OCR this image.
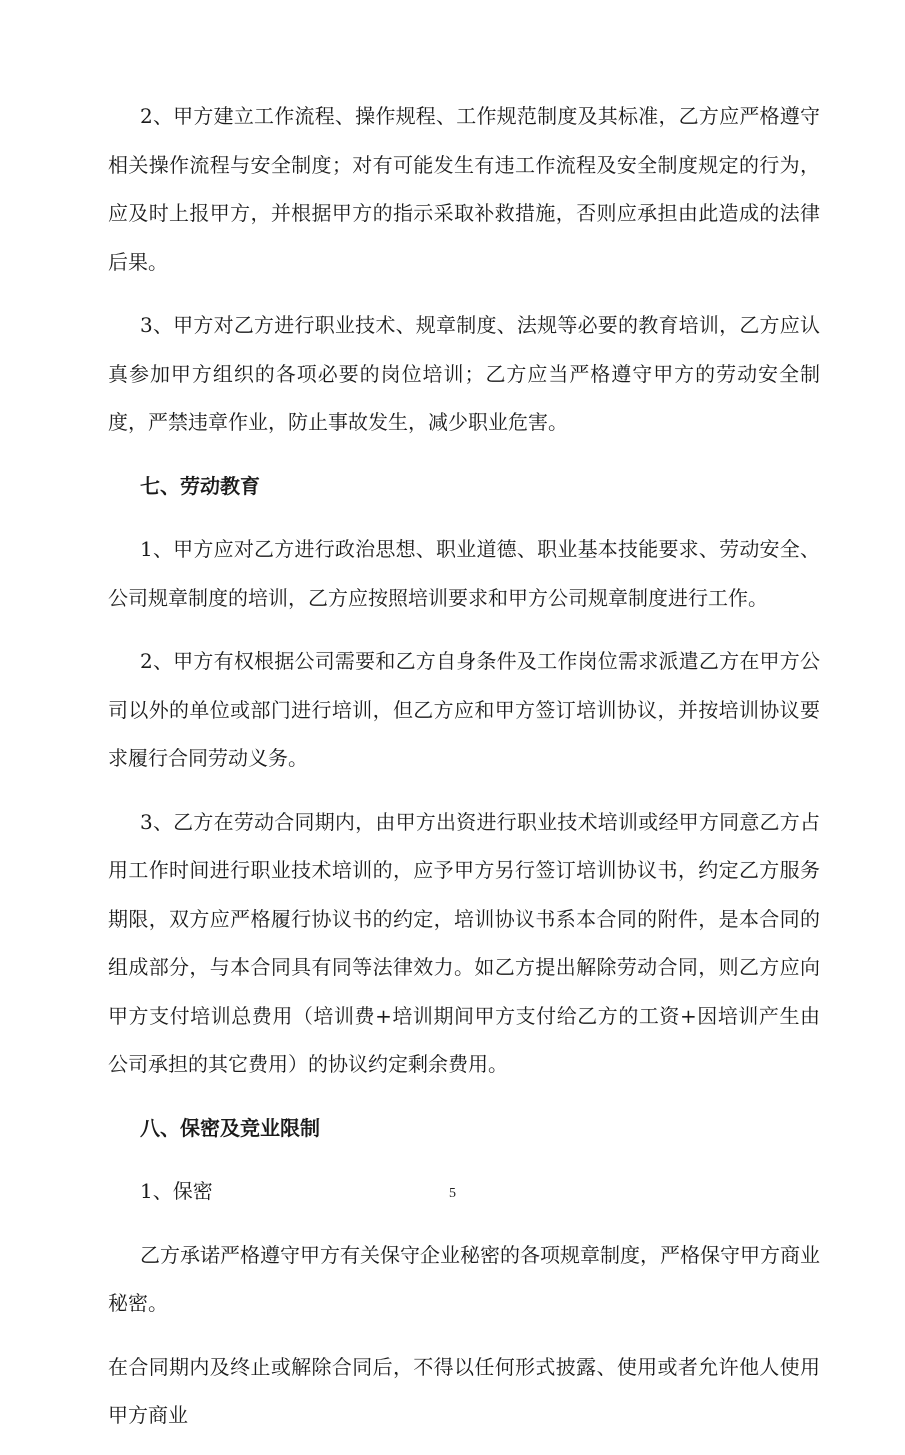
2、甲方建立工作流程、操作规程、工作规范制度及其标准，乙方应严格遵守相关操作流程与安全制度；对有可能发生有违工作流程及安全制度规定的行为，应及时上报甲方，并根据甲方的指示采取补救措施，否则应承担由此造成的法律后果。

3、甲方对乙方进行职业技术、规章制度、法规等必要的教育培训，乙方应认真参加甲方组织的各项必要的岗位培训；乙方应当严格遵守甲方的劳动安全制度，严禁违章作业，防止事故发生，减少职业危害。

七、劳动教育

1、甲方应对乙方进行政治思想、职业道德、职业基本技能要求、劳动安全、公司规章制度的培训，乙方应按照培训要求和甲方公司规章制度进行工作。

2、甲方有权根据公司需要和乙方自身条件及工作岗位需求派遣乙方在甲方公司以外的单位或部门进行培训，但乙方应和甲方签订培训协议，并按培训协议要求履行合同劳动义务。

3、乙方在劳动合同期内，由甲方出资进行职业技术培训或经甲方同意乙方占用工作时间进行职业技术培训的，应予甲方另行签订培训协议书，约定乙方服务期限，双方应严格履行协议书的约定，培训协议书系本合同的附件，是本合同的组成部分，与本合同具有同等法律效力。如乙方提出解除劳动合同，则乙方应向甲方支付培训总费用（培训费+培训期间甲方支付给乙方的工资+因培训产生由公司承担的其它费用）的协议约定剩余费用。

八、保密及竞业限制

1、保密

乙方承诺严格遵守甲方有关保守企业秘密的各项规章制度，严格保守甲方商业秘密。

在合同期内及终止或解除合同后，不得以任何形式披露、使用或者允许他人使用甲方商业

5
